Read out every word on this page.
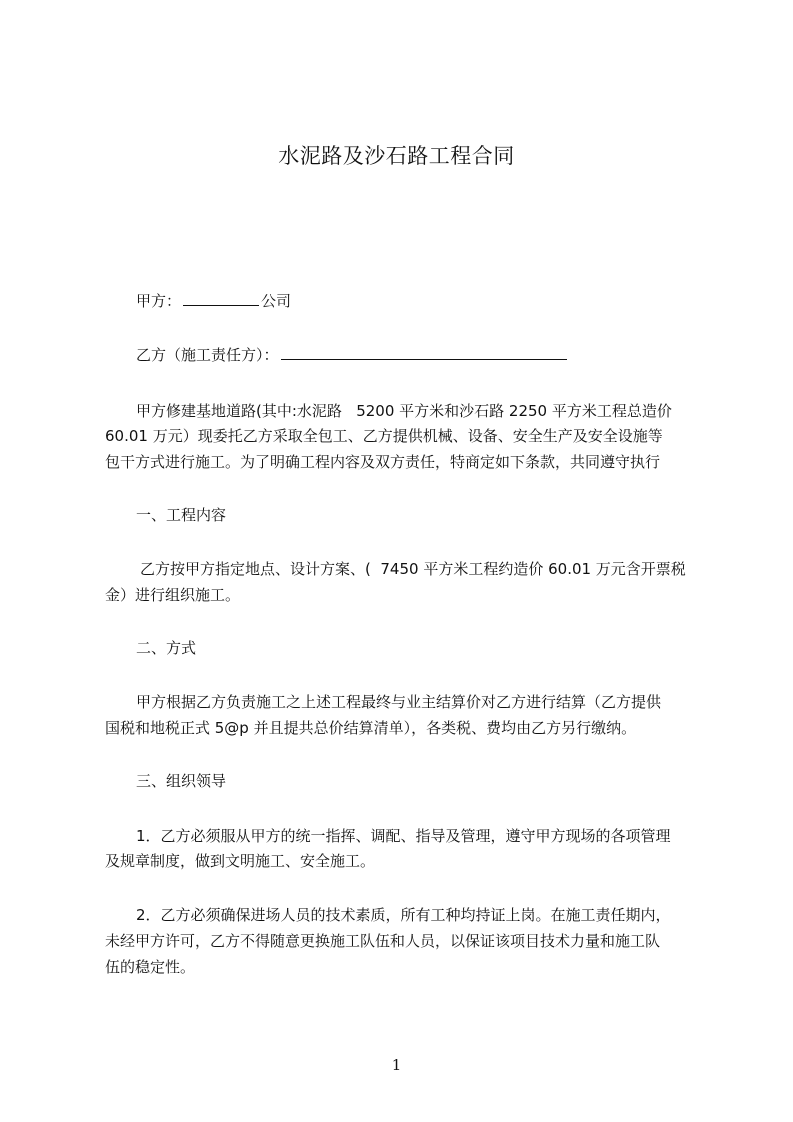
水泥路及沙石路工程合同
甲方：	公司
乙方（施工责任方）：
甲方修建基地道路(其中:水泥路   5200 平方米和沙石路 2250 平方米工程总造价
60.01 万元）现委托乙方采取全包工、乙方提供机械、设备、安全生产及安全设施等
包干方式进行施工。为了明确工程内容及双方责任，特商定如下条款，共同遵守执行
一、工程内容
乙方按甲方指定地点、设计方案、(  7450 平方米工程约造价 60.01 万元含开票税
金）进行组织施工。
二、方式
甲方根据乙方负责施工之上述工程最终与业主结算价对乙方进行结算（乙方提供
国税和地税正式 5@p 并且提共总价结算清单），各类税、费均由乙方另行缴纳。
三、组织领导
1．乙方必须服从甲方的统一指挥、调配、指导及管理，遵守甲方现场的各项管理
及规章制度，做到文明施工、安全施工。
2．乙方必须确保进场人员的技术素质，所有工种均持证上岗。在施工责任期内，
未经甲方许可，乙方不得随意更换施工队伍和人员，以保证该项目技术力量和施工队
伍的稳定性。
1
